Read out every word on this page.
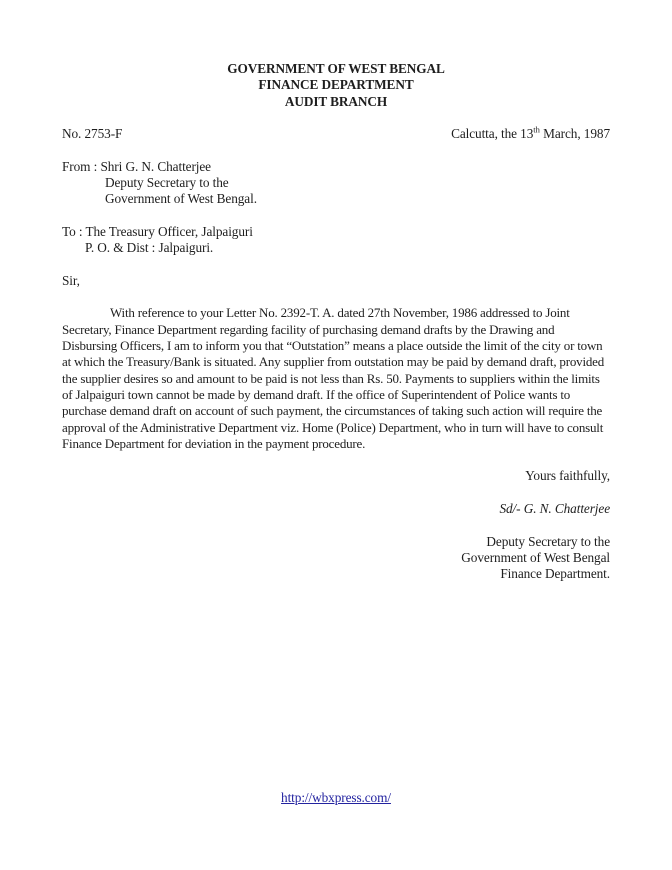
GOVERNMENT OF WEST BENGAL
FINANCE DEPARTMENT
AUDIT BRANCH
No. 2753-F	Calcutta, the 13th March, 1987
From : Shri G. N. Chatterjee
Deputy Secretary to the
Government of West Bengal.
To : The Treasury Officer, Jalpaiguri
P. O. & Dist : Jalpaiguri.
Sir,
With reference to your Letter No. 2392-T. A. dated 27th November, 1986 addressed to Joint Secretary, Finance Department regarding facility of purchasing demand drafts by the Drawing and Disbursing Officers, I am to inform you that “Outstation” means a place outside the limit of the city or town at which the Treasury/Bank is situated. Any supplier from outstation may be paid by demand draft, provided the supplier desires so and amount to be paid is not less than Rs. 50. Payments to suppliers within the limits of Jalpaiguri town cannot be made by demand draft. If the office of Superintendent of Police wants to purchase demand draft on account of such payment, the circumstances of taking such action will require the approval of the Administrative Department viz. Home (Police) Department, who in turn will have to consult Finance Department for deviation in the payment procedure.
Yours faithfully,
Sd/- G. N. Chatterjee
Deputy Secretary to the
Government of West Bengal
Finance Department.
http://wbxpress.com/
